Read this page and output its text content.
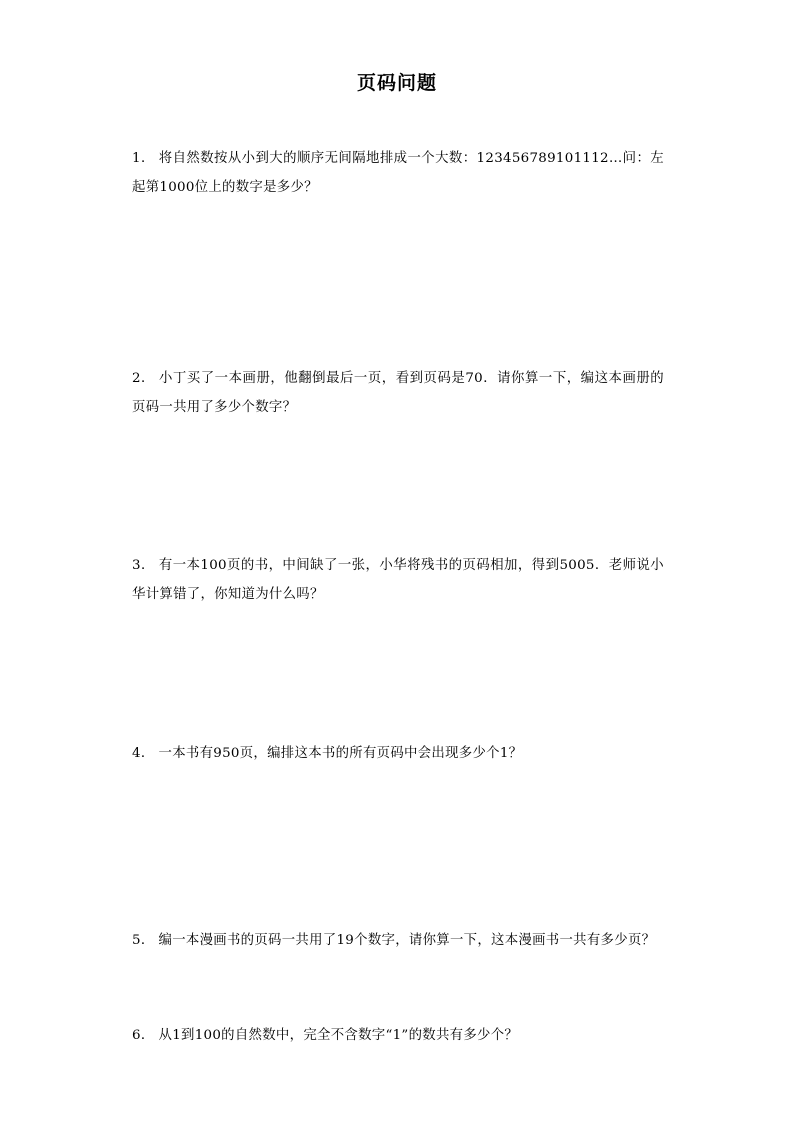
页码问题
1． 将自然数按从小到大的顺序无间隔地排成一个大数：123456789101112…问：左起第1000位上的数字是多少？
2． 小丁买了一本画册，他翻倒最后一页，看到页码是70．请你算一下，编这本画册的页码一共用了多少个数字？
3． 有一本100页的书，中间缺了一张，小华将残书的页码相加，得到5005．老师说小华计算错了，你知道为什么吗？
4． 一本书有950页，编排这本书的所有页码中会出现多少个1？
5． 编一本漫画书的页码一共用了19个数字，请你算一下，这本漫画书一共有多少页？
6． 从1到100的自然数中，完全不含数字“1”的数共有多少个？
